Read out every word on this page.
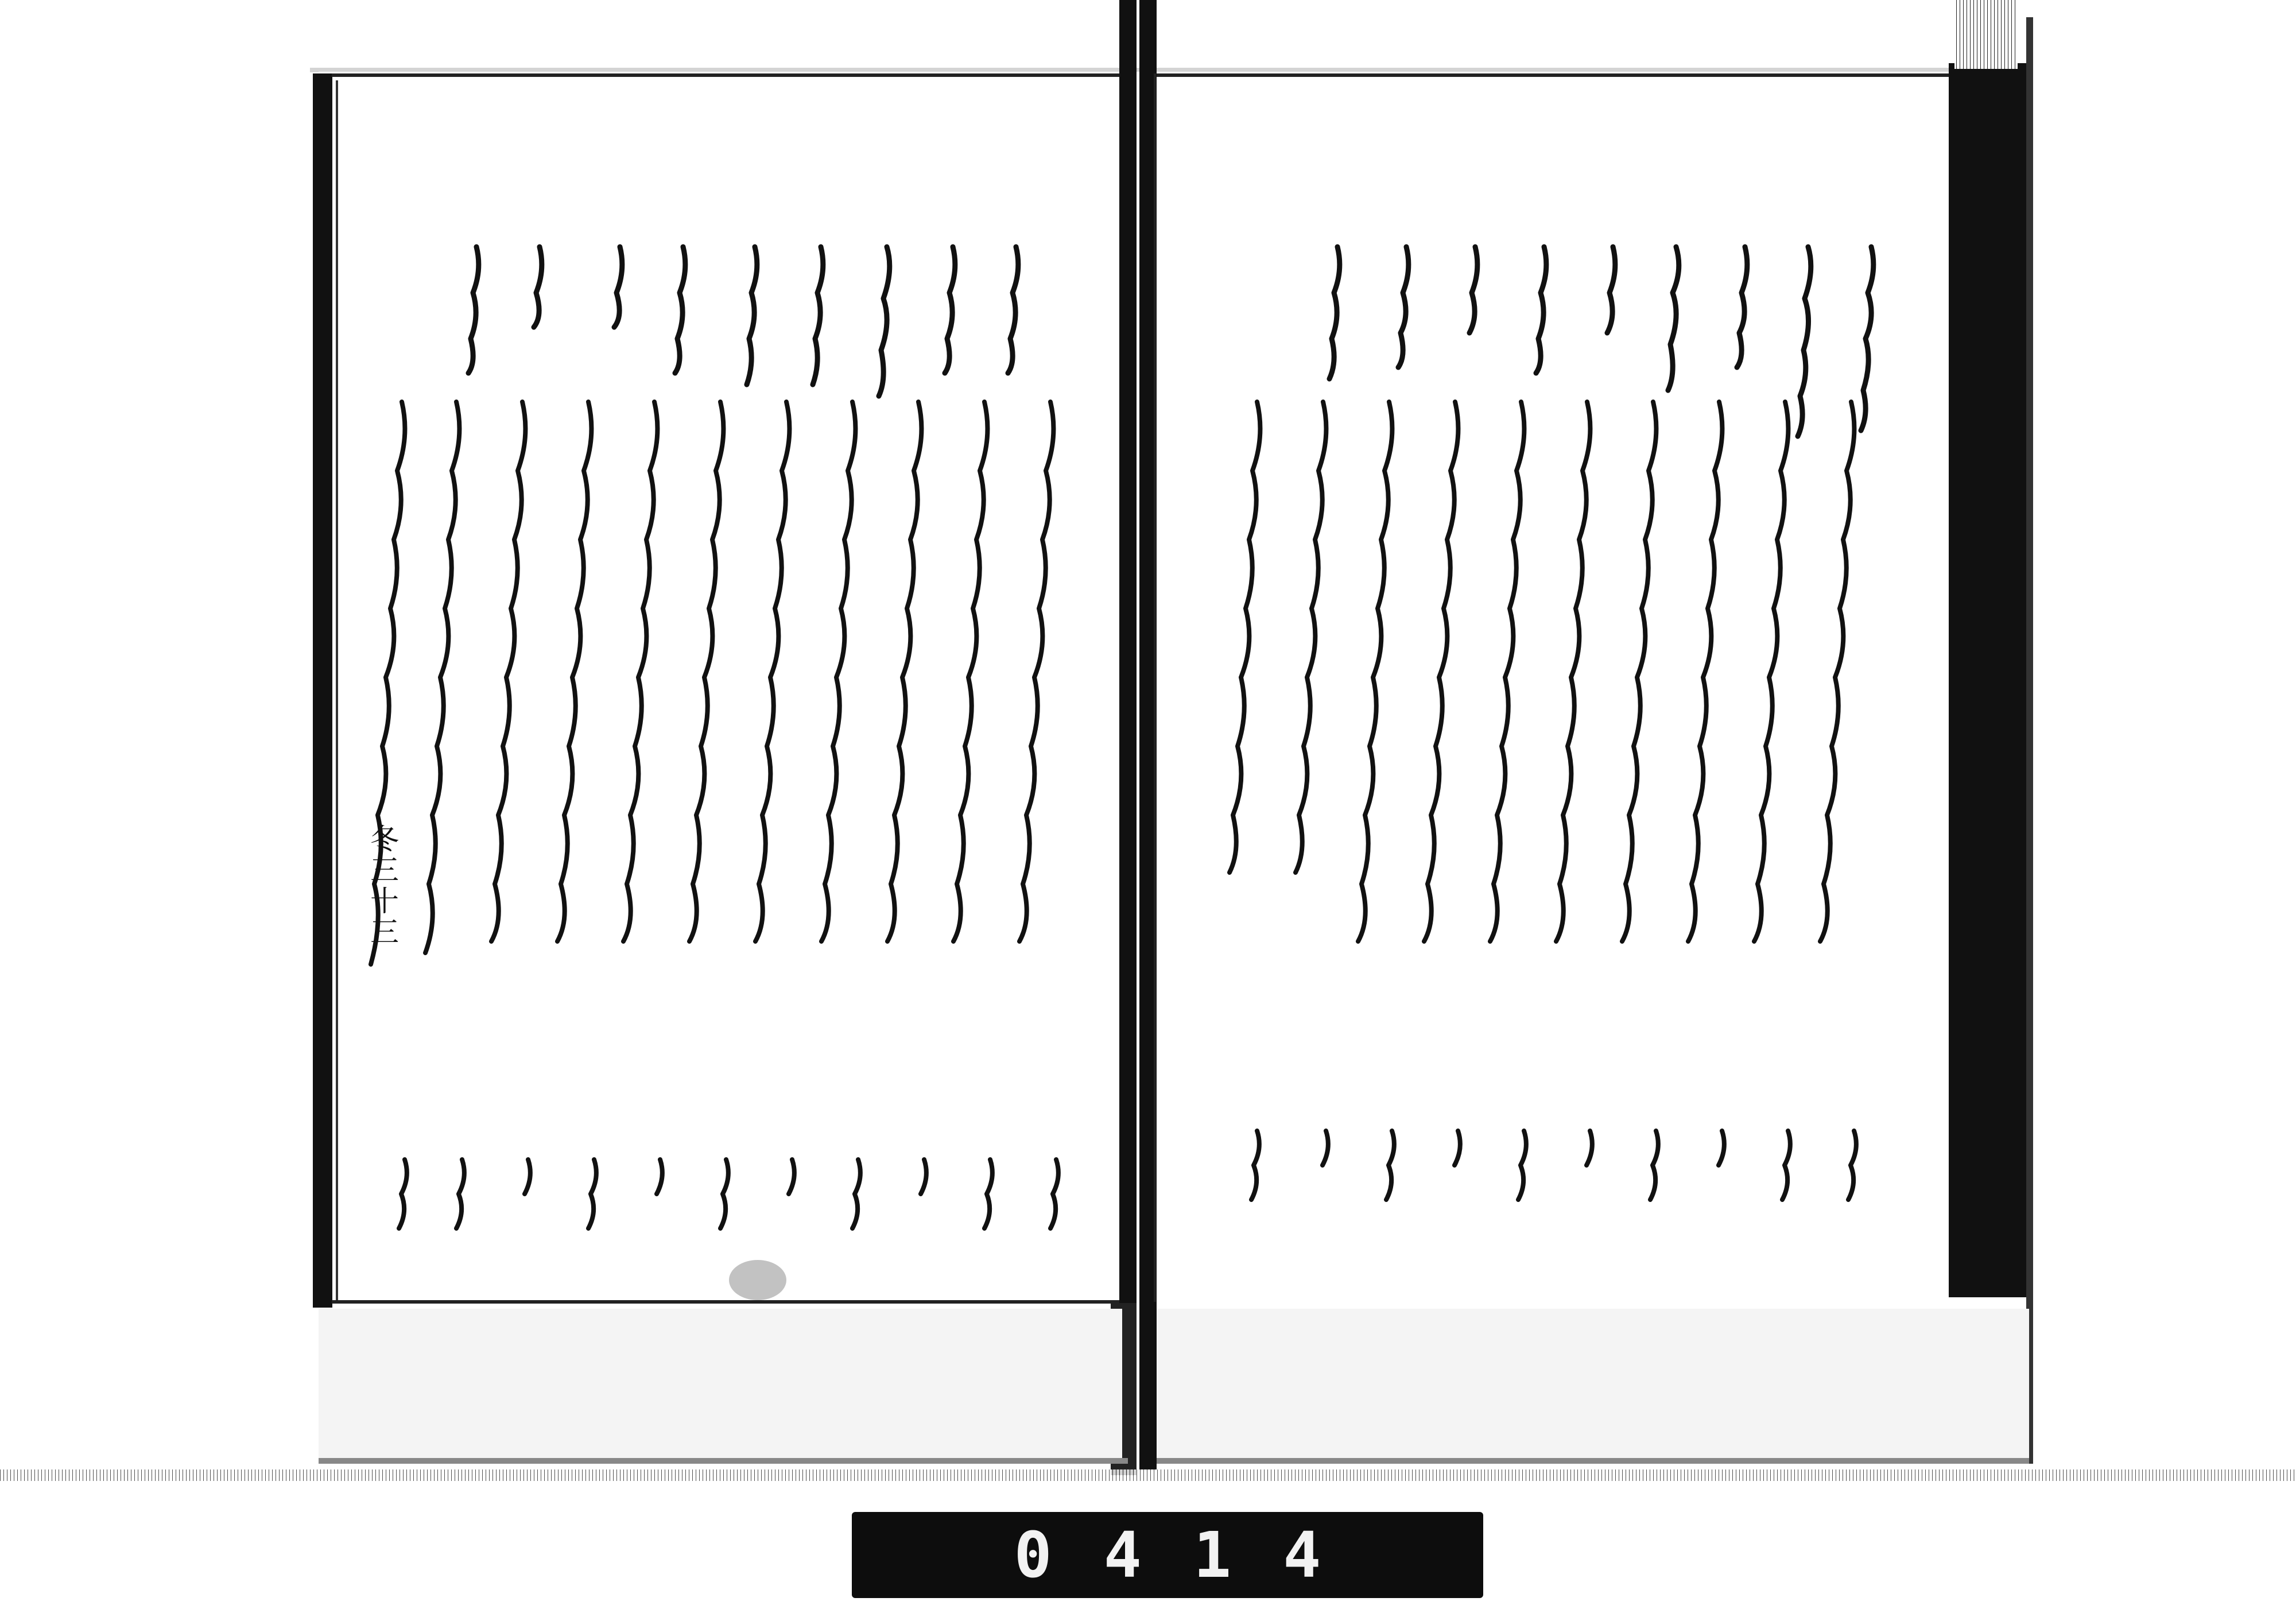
冬三十三
0414
